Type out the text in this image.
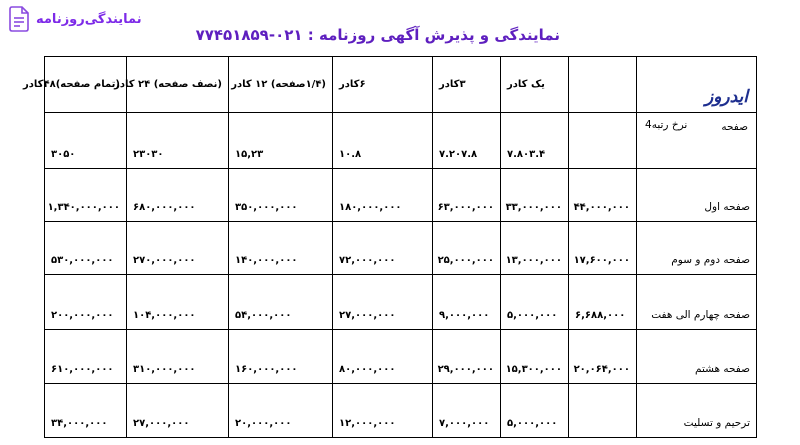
نمایندگی‌روزنامه
نمایندگی و پذیرش آگهی روزنامه : ۰۲۱-۷۷۴۵۱۸۵۹
ایدروز
صفحه
نرخ رتبه4		یک کادر	۳کادر	۶کادر	(۱/۴صفحه) ۱۲ کادر	(نصف صفحه) ۲۴ کادر	(تمام صفحه)۴۸کادر
		۷.۸۰۳.۴	۷.۲۰۷.۸	۱۰.۸	۱۵,۲۳	۲۳۰۳۰	۳۰۵۰
صفحه اول	۴۴,۰۰۰,۰۰۰	۳۳,۰۰۰,۰۰۰	۶۳,۰۰۰,۰۰۰	۱۸۰,۰۰۰,۰۰۰	۳۵۰,۰۰۰,۰۰۰	۶۸۰,۰۰۰,۰۰۰	۱,۳۴۰,۰۰۰,۰۰۰
صفحه دوم و سوم	۱۷,۶۰۰,۰۰۰	۱۳,۰۰۰,۰۰۰	۲۵,۰۰۰,۰۰۰	۷۲,۰۰۰,۰۰۰	۱۴۰,۰۰۰,۰۰۰	۲۷۰,۰۰۰,۰۰۰	۵۳۰,۰۰۰,۰۰۰
صفحه چهارم الی هفت	۶,۶۸۸,۰۰۰	۵,۰۰۰,۰۰۰	۹,۰۰۰,۰۰۰	۲۷,۰۰۰,۰۰۰	۵۴,۰۰۰,۰۰۰	۱۰۴,۰۰۰,۰۰۰	۲۰۰,۰۰۰,۰۰۰
صفحه هشتم	۲۰,۰۶۴,۰۰۰	۱۵,۳۰۰,۰۰۰	۲۹,۰۰۰,۰۰۰	۸۰,۰۰۰,۰۰۰	۱۶۰,۰۰۰,۰۰۰	۳۱۰,۰۰۰,۰۰۰	۶۱۰,۰۰۰,۰۰۰
ترحیم و تسلیت		۵,۰۰۰,۰۰۰	۷,۰۰۰,۰۰۰	۱۲,۰۰۰,۰۰۰	۲۰,۰۰۰,۰۰۰	۲۷,۰۰۰,۰۰۰	۳۴,۰۰۰,۰۰۰
